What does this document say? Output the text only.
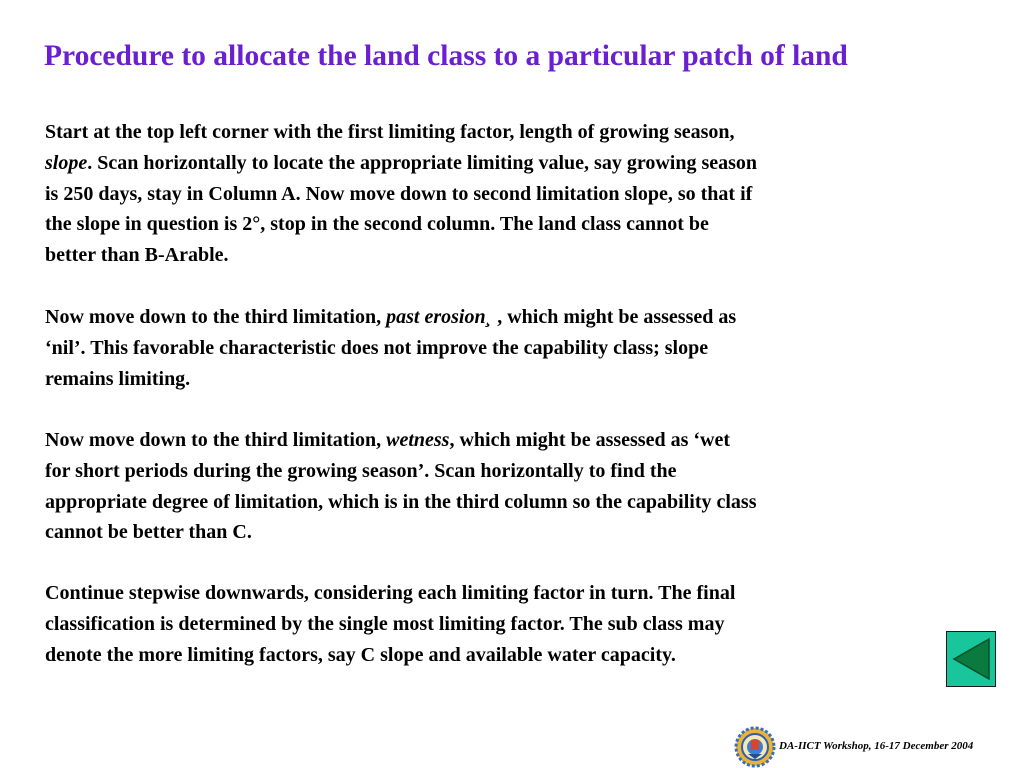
Procedure to allocate the land class to a particular patch of land

Start at the top left corner with the first limiting factor, length of growing season,
slope. Scan horizontally to locate the appropriate limiting value, say growing season
is 250 days, stay in Column A. Now move down to second limitation slope, so that if
the slope in question is 2°, stop in the second column. The land class cannot be
better than B-Arable.

Now move down to the third limitation, past erosion¸ , which might be assessed as
‘nil’. This favorable characteristic does not improve the capability class; slope
remains limiting.

Now move down to the third limitation, wetness, which might be assessed as ‘wet
for short periods during the growing season’. Scan horizontally to find the
appropriate degree of limitation, which is in the third column so the capability class
cannot be better than C.

Continue stepwise downwards, considering each limiting factor in turn. The final
classification is determined by the single most limiting factor. The sub class may
denote the more limiting factors, say C slope and available water capacity.

DA-IICT Workshop, 16-17 December 2004
